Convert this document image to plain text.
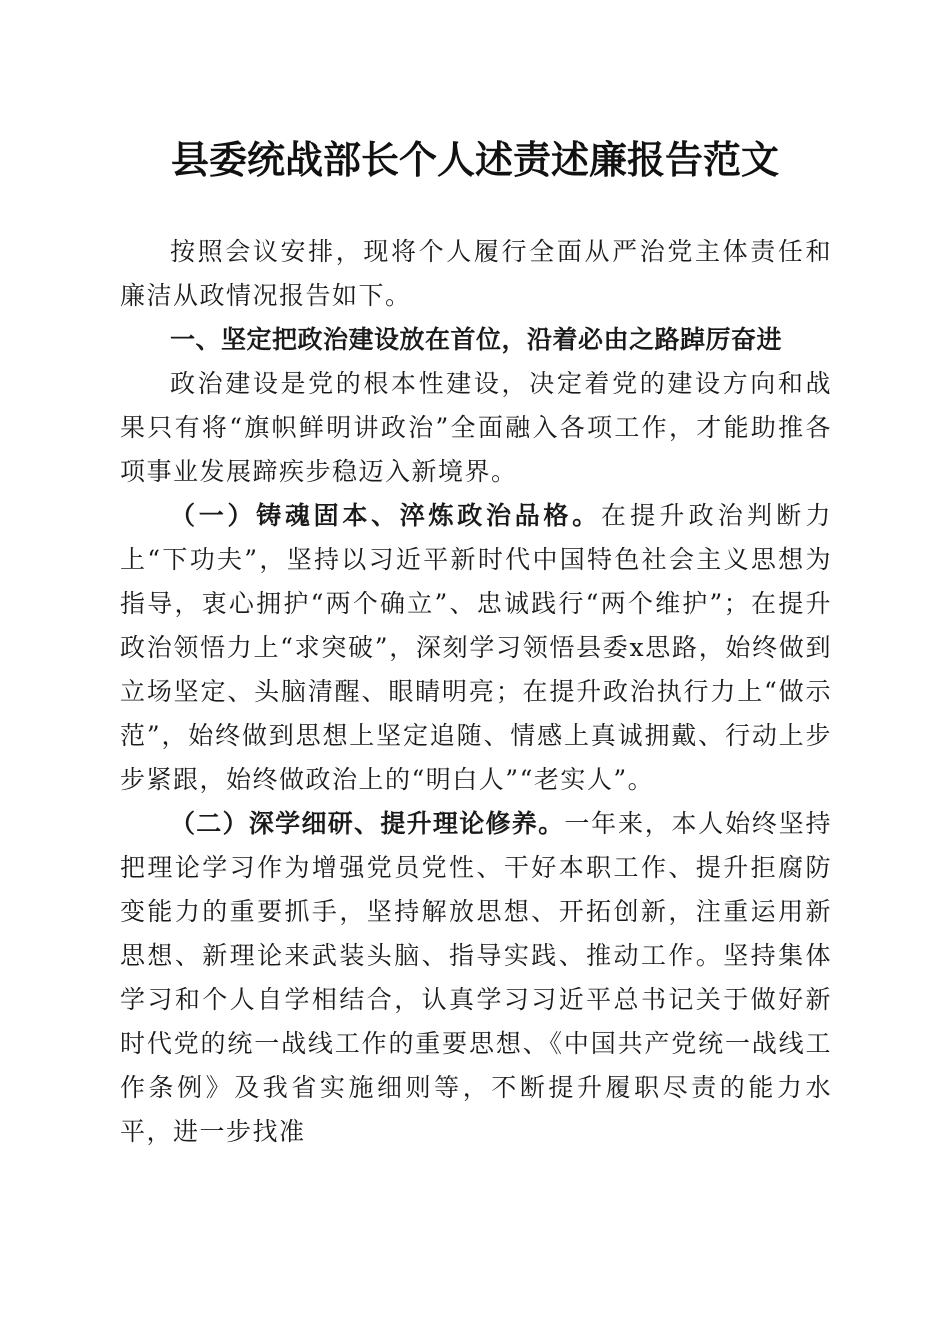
县委统战部长个人述责述廉报告范文

按照会议安排，现将个人履行全面从严治党主体责任和廉洁从政情况报告如下。

一、坚定把政治建设放在首位，沿着必由之路踔厉奋进

政治建设是党的根本性建设，决定着党的建设方向和战果只有将“旗帜鲜明讲政治”全面融入各项工作，才能助推各项事业发展蹄疾步稳迈入新境界。

（一）铸魂固本、淬炼政治品格。在提升政治判断力上“下功夫”，坚持以习近平新时代中国特色社会主义思想为指导，衷心拥护“两个确立”、忠诚践行“两个维护”；在提升政治领悟力上“求突破”，深刻学习领悟县委x思路，始终做到立场坚定、头脑清醒、眼睛明亮；在提升政治执行力上“做示范”，始终做到思想上坚定追随、情感上真诚拥戴、行动上步步紧跟，始终做政治上的“明白人”“老实人”。

（二）深学细研、提升理论修养。一年来，本人始终坚持把理论学习作为增强党员党性、干好本职工作、提升拒腐防变能力的重要抓手，坚持解放思想、开拓创新，注重运用新思想、新理论来武装头脑、指导实践、推动工作。坚持集体学习和个人自学相结合，认真学习习近平总书记关于做好新时代党的统一战线工作的重要思想、《中国共产党统一战线工作条例》及我省实施细则等，不断提升履职尽责的能力水平，进一步找准
